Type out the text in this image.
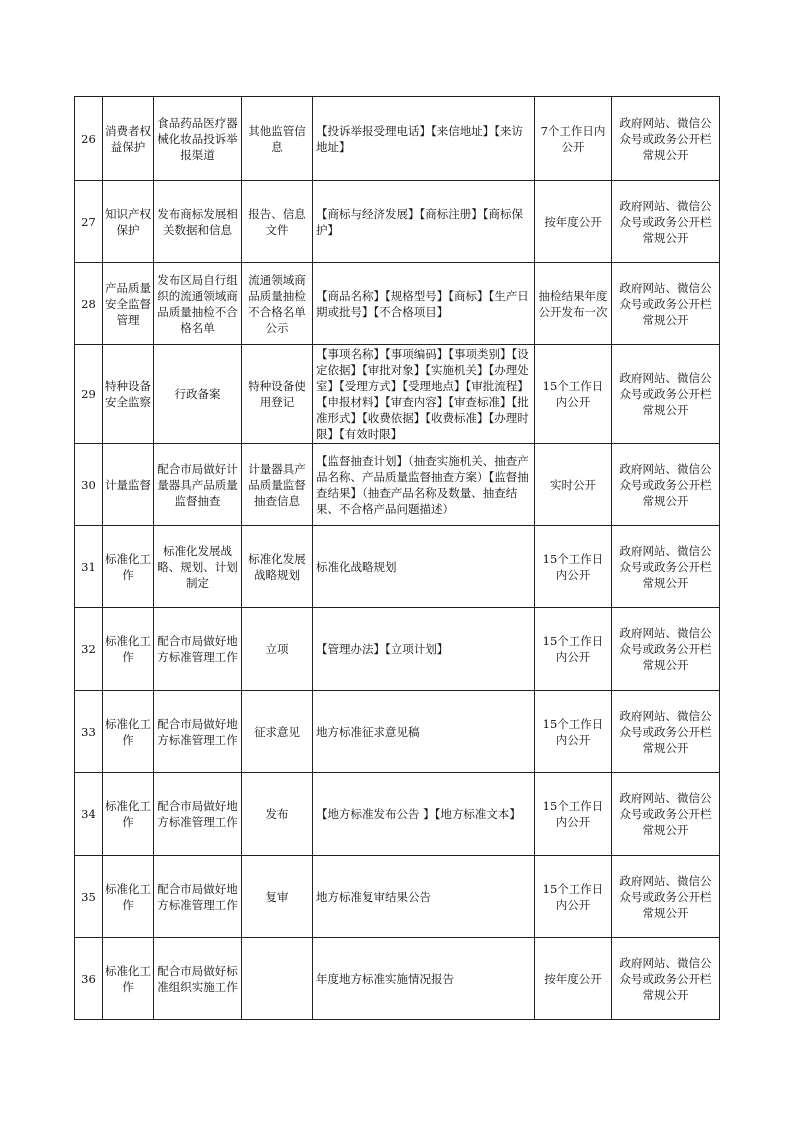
26	消费者权益保护	食品药品医疗器械化妆品投诉举报渠道	其他监管信息	【投诉举报受理电话】【来信地址】【来访地址】	7个工作日内公开	政府网站、微信公众号或政务公开栏常规公开
27	知识产权保护	发布商标发展相关数据和信息	报告、信息文件	【商标与经济发展】【商标注册】【商标保护】	按年度公开	政府网站、微信公众号或政务公开栏常规公开
28	产品质量安全监督管理	发布区局自行组织的流通领域商品质量抽检不合格名单	流通领域商品质量抽检不合格名单公示	【商品名称】【规格型号】【商标】【生产日期或批号】【不合格项目】	抽检结果年度公开发布一次	政府网站、微信公众号或政务公开栏常规公开
29	特种设备安全监察	行政备案	特种设备使用登记	【事项名称】【事项编码】【事项类别】【设定依据】【审批对象】【实施机关】【办理处室】【受理方式】【受理地点】【审批流程】【申报材料】【审查内容】【审查标准】【批准形式】【收费依据】【收费标准】【办理时限】【有效时限】	15个工作日内公开	政府网站、微信公众号或政务公开栏常规公开
30	计量监督	配合市局做好计量器具产品质量监督抽查	计量器具产品质量监督抽查信息	【监督抽查计划】（抽查实施机关、抽查产品名称、产品质量监督抽查方案）【监督抽查结果】（抽查产品名称及数量、抽查结果、不合格产品问题描述）	实时公开	政府网站、微信公众号或政务公开栏常规公开
31	标准化工作	标准化发展战略、规划、计划制定	标准化发展战略规划	标准化战略规划	15个工作日内公开	政府网站、微信公众号或政务公开栏常规公开
32	标准化工作	配合市局做好地方标准管理工作	立项	【管理办法】【立项计划】	15个工作日内公开	政府网站、微信公众号或政务公开栏常规公开
33	标准化工作	配合市局做好地方标准管理工作	征求意见	地方标准征求意见稿	15个工作日内公开	政府网站、微信公众号或政务公开栏常规公开
34	标准化工作	配合市局做好地方标准管理工作	发布	【地方标准发布公告 】【地方标准文本】	15个工作日内公开	政府网站、微信公众号或政务公开栏常规公开
35	标准化工作	配合市局做好地方标准管理工作	复审	地方标准复审结果公告	15个工作日内公开	政府网站、微信公众号或政务公开栏常规公开
36	标准化工作	配合市局做好标准组织实施工作		年度地方标准实施情况报告	按年度公开	政府网站、微信公众号或政务公开栏常规公开
